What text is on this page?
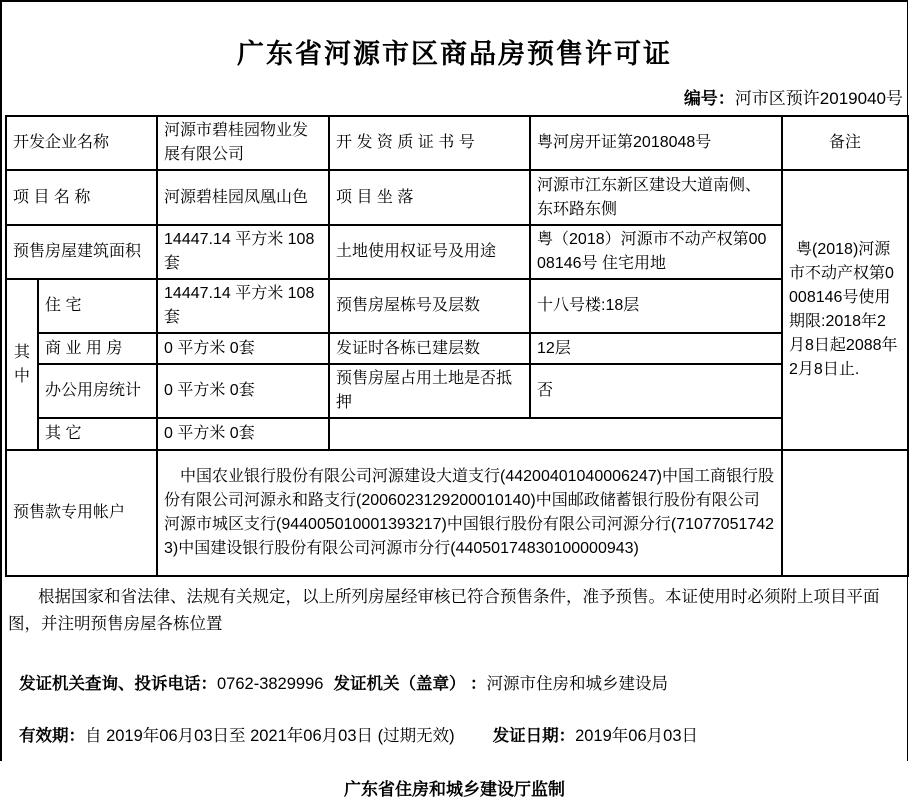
广东省河源市区商品房预售许可证
编号：河市区预许2019040号
开发企业名称		河源市碧桂园物业发展有限公司	开 发 资 质 证 书 号	粤河房开证第2018048号	备注
项 目 名 称		河源碧桂园凤凰山色	项 目 坐 落	河源市江东新区建设大道南侧、东环路东侧	粤(2018)河源市不动产权第0008146号使用期限:2018年2月8日起2088年2月8日止.
预售房屋建筑面积		14447.14 平方米 108套	土地使用权证号及用途	粤（2018）河源市不动产权第0008146号 住宅用地	
其中	住 宅	14447.14 平方米 108套	预售房屋栋号及层数	十八号楼:18层	
	商 业 用 房	0 平方米 0套	发证时各栋已建层数	12层	
	办公用房统计	0 平方米 0套	预售房屋占用土地是否抵押	否	
	其 它	0 平方米 0套			
预售款专用帐户		中国农业银行股份有限公司河源建设大道支行(44200401040006247)中国工商银行股份有限公司河源永和路支行(2006023129200010140)中国邮政储蓄银行股份有限公司河源市城区支行(944005010001393217)中国银行股份有限公司河源分行(710770517423)中国建设银行股份有限公司河源市分行(44050174830100000943)			

根据国家和省法律、法规有关规定，以上所列房屋经审核已符合预售条件，准予预售。本证使用时必须附上项目平面图，并注明预售房屋各栋位置

发证机关查询、投诉电话：0762-3829996 发证机关（盖章） ：河源市住房和城乡建设局

有效期：自 2019年06月03日至 2021年06月03日 (过期无效) 发证日期：2019年06月03日

广东省住房和城乡建设厅监制
